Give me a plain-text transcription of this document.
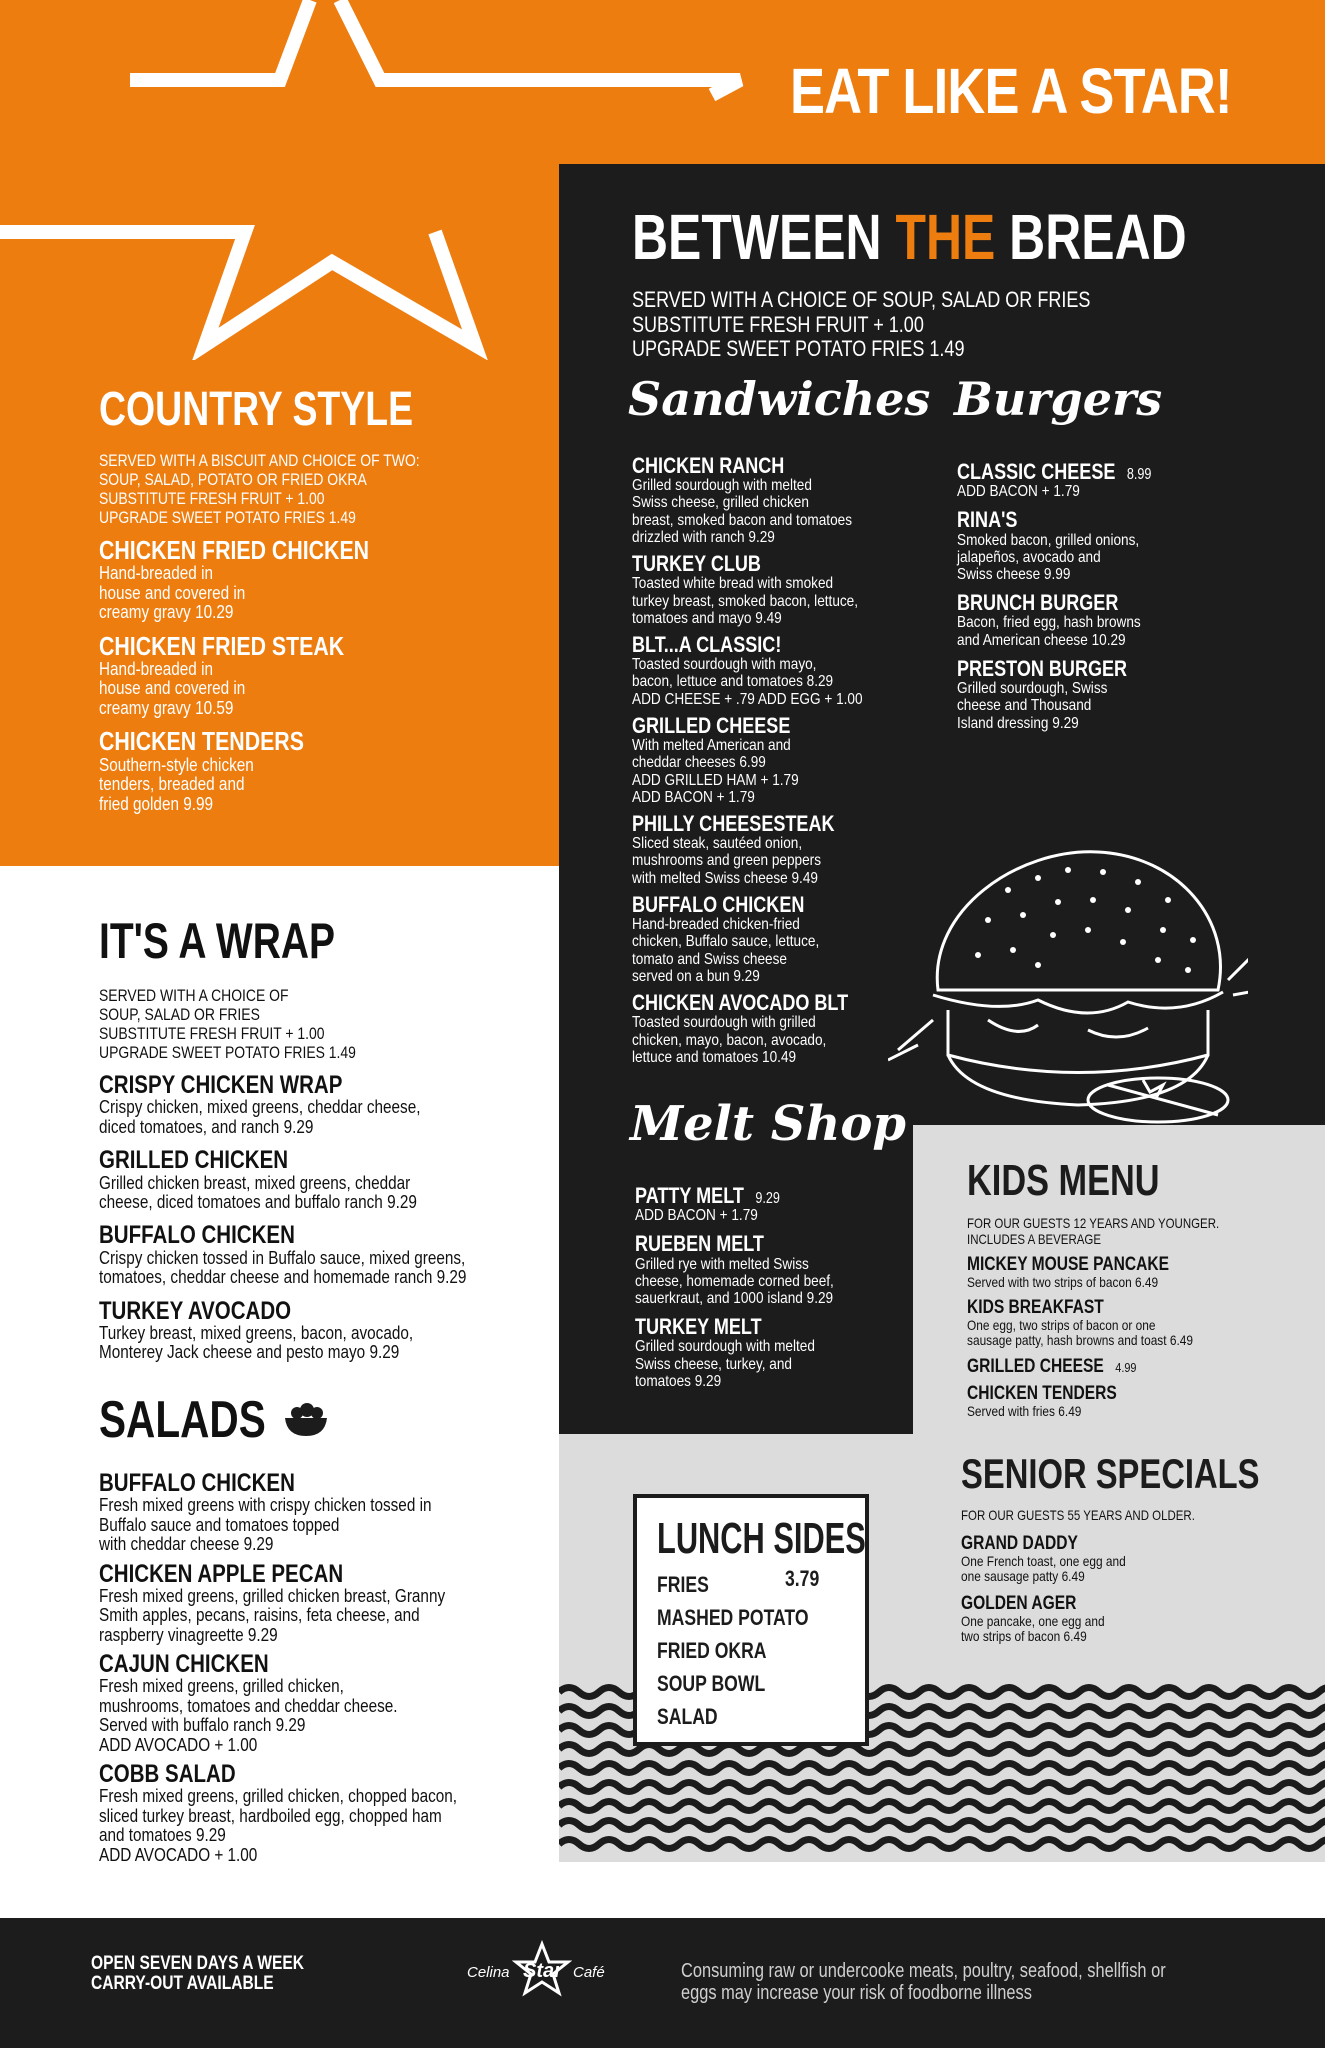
EAT LIKE A STAR!
COUNTRY STYLE
SERVED WITH A BISCUIT AND CHOICE OF TWO:
SOUP, SALAD, POTATO OR FRIED OKRA
SUBSTITUTE FRESH FRUIT + 1.00
UPGRADE SWEET POTATO FRIES 1.49
CHICKEN FRIED CHICKEN
Hand-breaded in
house and covered in
creamy gravy 10.29
CHICKEN FRIED STEAK
Hand-breaded in
house and covered in
creamy gravy 10.59
CHICKEN TENDERS
Southern-style chicken
tenders, breaded and
fried golden 9.99
IT'S A WRAP
SERVED WITH A CHOICE OF
SOUP, SALAD OR FRIES
SUBSTITUTE FRESH FRUIT + 1.00
UPGRADE SWEET POTATO FRIES 1.49
CRISPY CHICKEN WRAP
Crispy chicken, mixed greens, cheddar cheese,
diced tomatoes, and ranch 9.29
GRILLED CHICKEN
Grilled chicken breast, mixed greens, cheddar
cheese, diced tomatoes and buffalo ranch 9.29
BUFFALO CHICKEN
Crispy chicken tossed in Buffalo sauce, mixed greens,
tomatoes, cheddar cheese and homemade ranch 9.29
TURKEY AVOCADO
Turkey breast, mixed greens, bacon, avocado,
Monterey Jack cheese and pesto mayo 9.29
SALADS
BUFFALO CHICKEN
Fresh mixed greens with crispy chicken tossed in
Buffalo sauce and tomatoes topped
with cheddar cheese 9.29
CHICKEN APPLE PECAN
Fresh mixed greens, grilled chicken breast, Granny
Smith apples, pecans, raisins, feta cheese, and
raspberry vinagreette 9.29
CAJUN CHICKEN
Fresh mixed greens, grilled chicken,
mushrooms, tomatoes and cheddar cheese.
Served with buffalo ranch 9.29
ADD AVOCADO + 1.00
COBB SALAD
Fresh mixed greens, grilled chicken, chopped bacon,
sliced turkey breast, hardboiled egg, chopped ham
and tomatoes 9.29
ADD AVOCADO + 1.00
BETWEEN THE BREAD
SERVED WITH A CHOICE OF SOUP, SALAD OR FRIES
SUBSTITUTE FRESH FRUIT + 1.00
UPGRADE SWEET POTATO FRIES 1.49
Sandwiches
CHICKEN RANCH
Grilled sourdough with melted
Swiss cheese, grilled chicken
breast, smoked bacon and tomatoes
drizzled with ranch 9.29
TURKEY CLUB
Toasted white bread with smoked
turkey breast, smoked bacon, lettuce,
tomatoes and mayo 9.49
BLT...A CLASSIC!
Toasted sourdough with mayo,
bacon, lettuce and tomatoes 8.29
ADD CHEESE + .79 ADD EGG + 1.00
GRILLED CHEESE
With melted American and
cheddar cheeses 6.99
ADD GRILLED HAM + 1.79
ADD BACON + 1.79
PHILLY CHEESESTEAK
Sliced steak, sautéed onion,
mushrooms and green peppers
with melted Swiss cheese 9.49
BUFFALO CHICKEN
Hand-breaded chicken-fried
chicken, Buffalo sauce, lettuce,
tomato and Swiss cheese
served on a bun 9.29
CHICKEN AVOCADO BLT
Toasted sourdough with grilled
chicken, mayo, bacon, avocado,
lettuce and tomatoes 10.49
Burgers
CLASSIC CHEESE 8.99
ADD BACON + 1.79
RINA'S
Smoked bacon, grilled onions,
jalapeños, avocado and
Swiss cheese 9.99
BRUNCH BURGER
Bacon, fried egg, hash browns
and American cheese 10.29
PRESTON BURGER
Grilled sourdough, Swiss
cheese and Thousand
Island dressing 9.29
Melt Shop
PATTY MELT 9.29
ADD BACON + 1.79
RUEBEN MELT
Grilled rye with melted Swiss
cheese, homemade corned beef,
sauerkraut, and 1000 island 9.29
TURKEY MELT
Grilled sourdough with melted
Swiss cheese, turkey, and
tomatoes 9.29
KIDS MENU
FOR OUR GUESTS 12 YEARS AND YOUNGER.
INCLUDES A BEVERAGE
MICKEY MOUSE PANCAKE
Served with two strips of bacon 6.49
KIDS BREAKFAST
One egg, two strips of bacon or one
sausage patty, hash browns and toast 6.49
GRILLED CHEESE 4.99
CHICKEN TENDERS
Served with fries 6.49
SENIOR SPECIALS
FOR OUR GUESTS 55 YEARS AND OLDER.
GRAND DADDY
One French toast, one egg and
one sausage patty 6.49
GOLDEN AGER
One pancake, one egg and
two strips of bacon 6.49
LUNCH SIDES
3.79
FRIES
MASHED POTATO
FRIED OKRA
SOUP BOWL
SALAD
OPEN SEVEN DAYS A WEEK
CARRY-OUT AVAILABLE
Celina Star Café	Consuming raw or undercooke meats, poultry, seafood, shellfish or
eggs may increase your risk of foodborne illness
